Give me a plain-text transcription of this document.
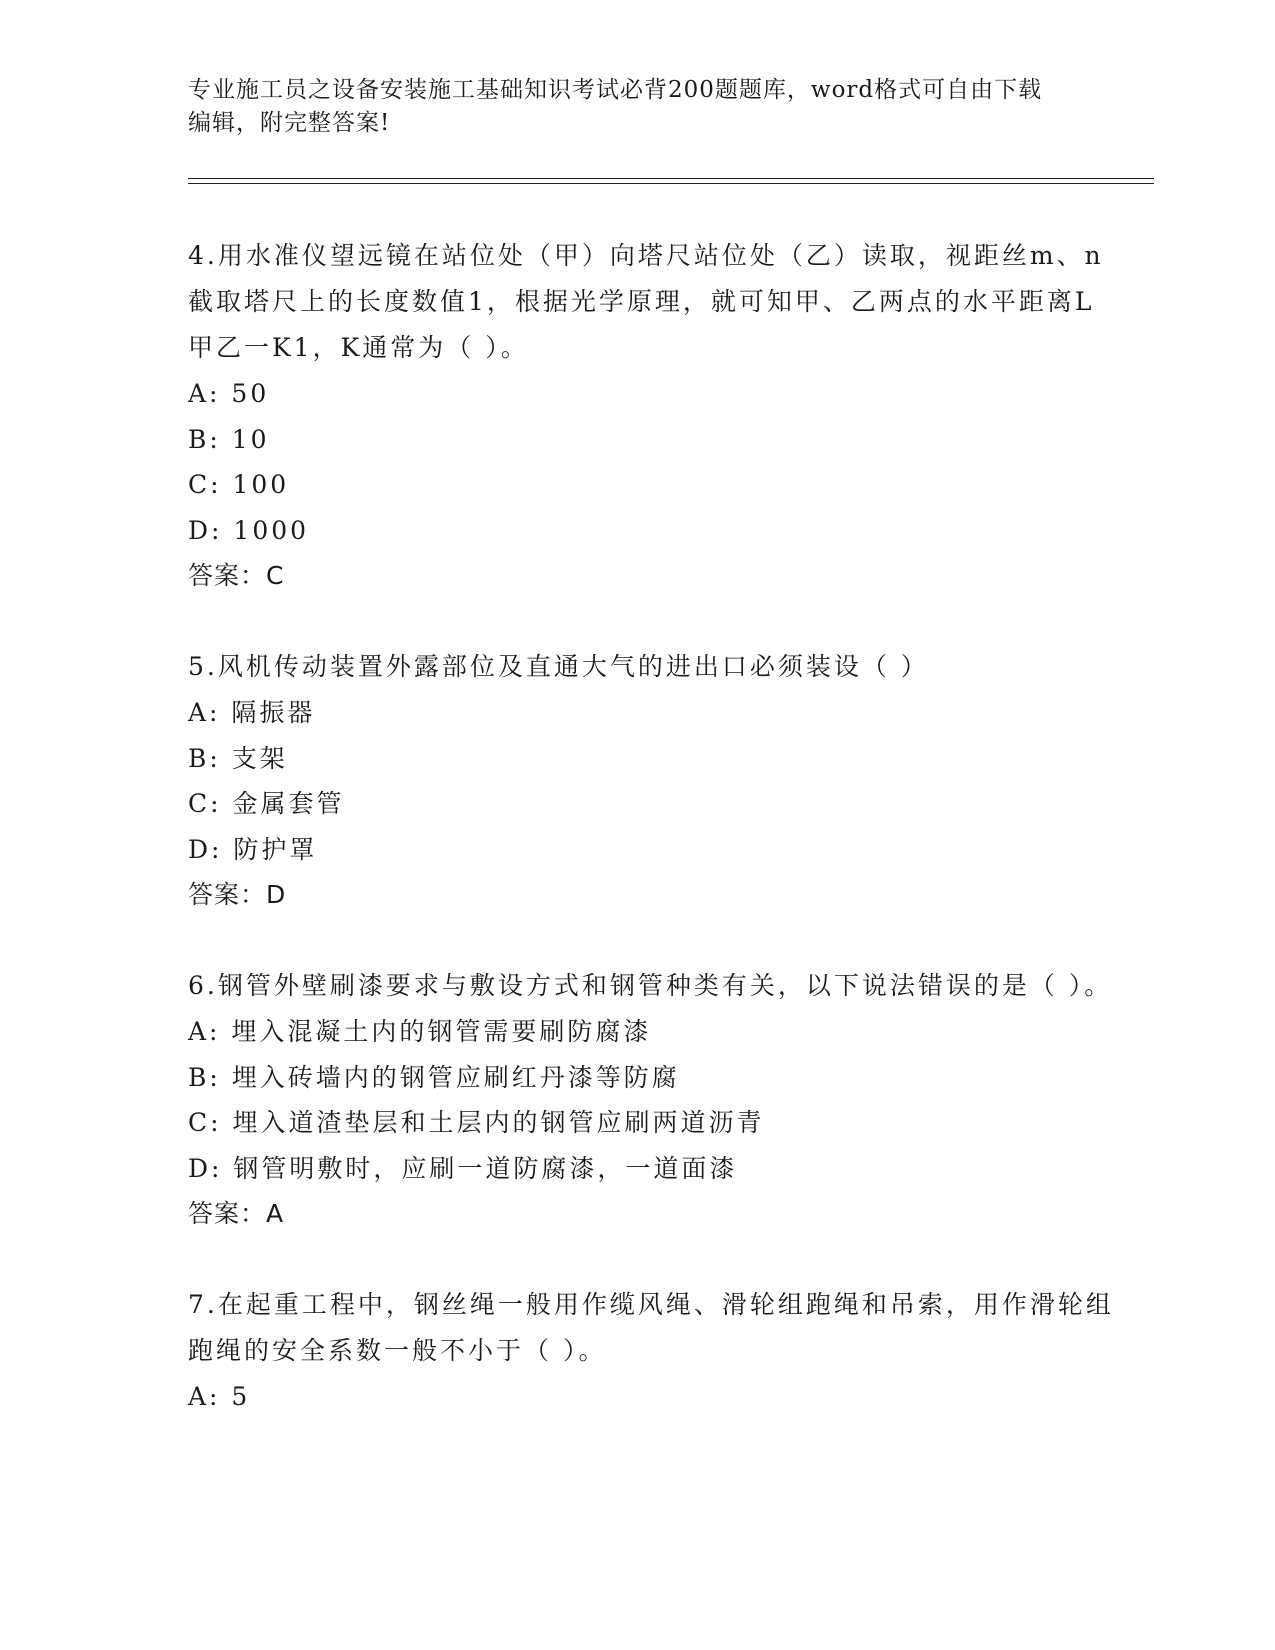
专业施工员之设备安装施工基础知识考试必背200题题库，word格式可自由下载
编辑，附完整答案!

4.用水准仪望远镜在站位处（甲）向塔尺站位处（乙）读取，视距丝m、n截取塔尺上的长度数值1，根据光学原理，就可知甲、乙两点的水平距离L甲乙一K1，K通常为（ ）。

A: 50

B: 10

C: 100

D: 1000

答案：C

5.风机传动装置外露部位及直通大气的进出口必须装设（ ）

A: 隔振器

B: 支架

C: 金属套管

D: 防护罩

答案：D

6.钢管外壁刷漆要求与敷设方式和钢管种类有关，以下说法错误的是（ ）。

A: 埋入混凝土内的钢管需要刷防腐漆

B: 埋入砖墙内的钢管应刷红丹漆等防腐

C: 埋入道渣垫层和土层内的钢管应刷两道沥青

D: 钢管明敷时，应刷一道防腐漆，一道面漆

答案：A

7.在起重工程中，钢丝绳一般用作缆风绳、滑轮组跑绳和吊索，用作滑轮组跑绳的安全系数一般不小于（ ）。

A: 5
